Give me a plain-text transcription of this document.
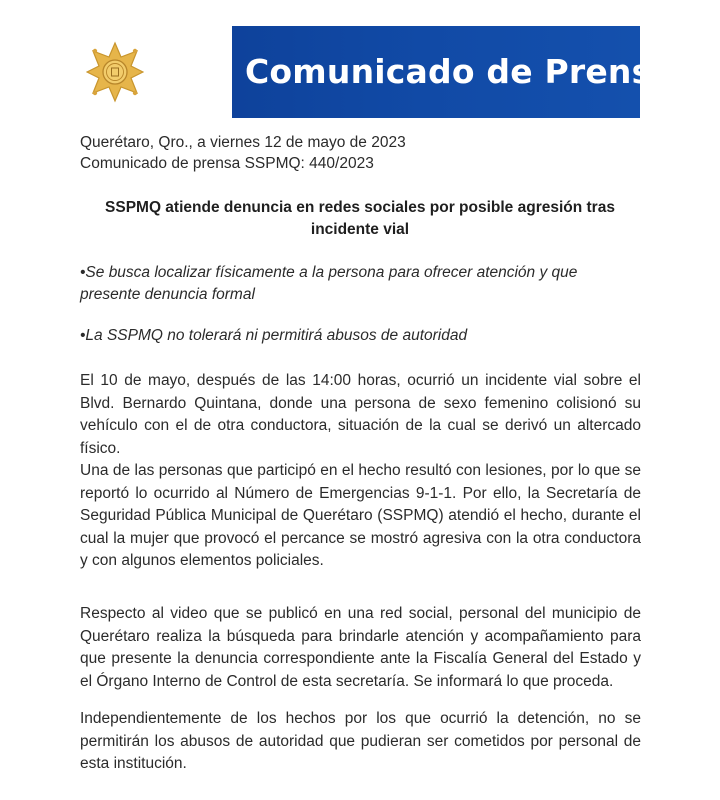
Comunicado de Prensa
Querétaro, Qro., a viernes 12 de mayo de 2023
Comunicado de prensa SSPMQ: 440/2023
SSPMQ atiende denuncia en redes sociales por posible agresión tras incidente vial
•Se busca localizar físicamente a la persona para ofrecer atención y que presente denuncia formal
•La SSPMQ no tolerará ni permitirá abusos de autoridad

El 10 de mayo, después de las 14:00 horas, ocurrió un incidente vial sobre el Blvd. Bernardo Quintana, donde una persona de sexo femenino colisionó su vehículo con el de otra conductora, situación de la cual se derivó un altercado físico.

Una de las personas que participó en el hecho resultó con lesiones, por lo que se reportó lo ocurrido al Número de Emergencias 9-1-1. Por ello, la Secretaría de Seguridad Pública Municipal de Querétaro (SSPMQ) atendió el hecho, durante el cual la mujer que provocó el percance se mostró agresiva con la otra conductora y con algunos elementos policiales.

Respecto al video que se publicó en una red social, personal del municipio de Querétaro realiza la búsqueda para brindarle atención y acompañamiento para que presente la denuncia correspondiente ante la Fiscalía General del Estado y el Órgano Interno de Control de esta secretaría. Se informará lo que proceda.

Independientemente de los hechos por los que ocurrió la detención, no se permitirán los abusos de autoridad que pudieran ser cometidos por personal de esta institución.
